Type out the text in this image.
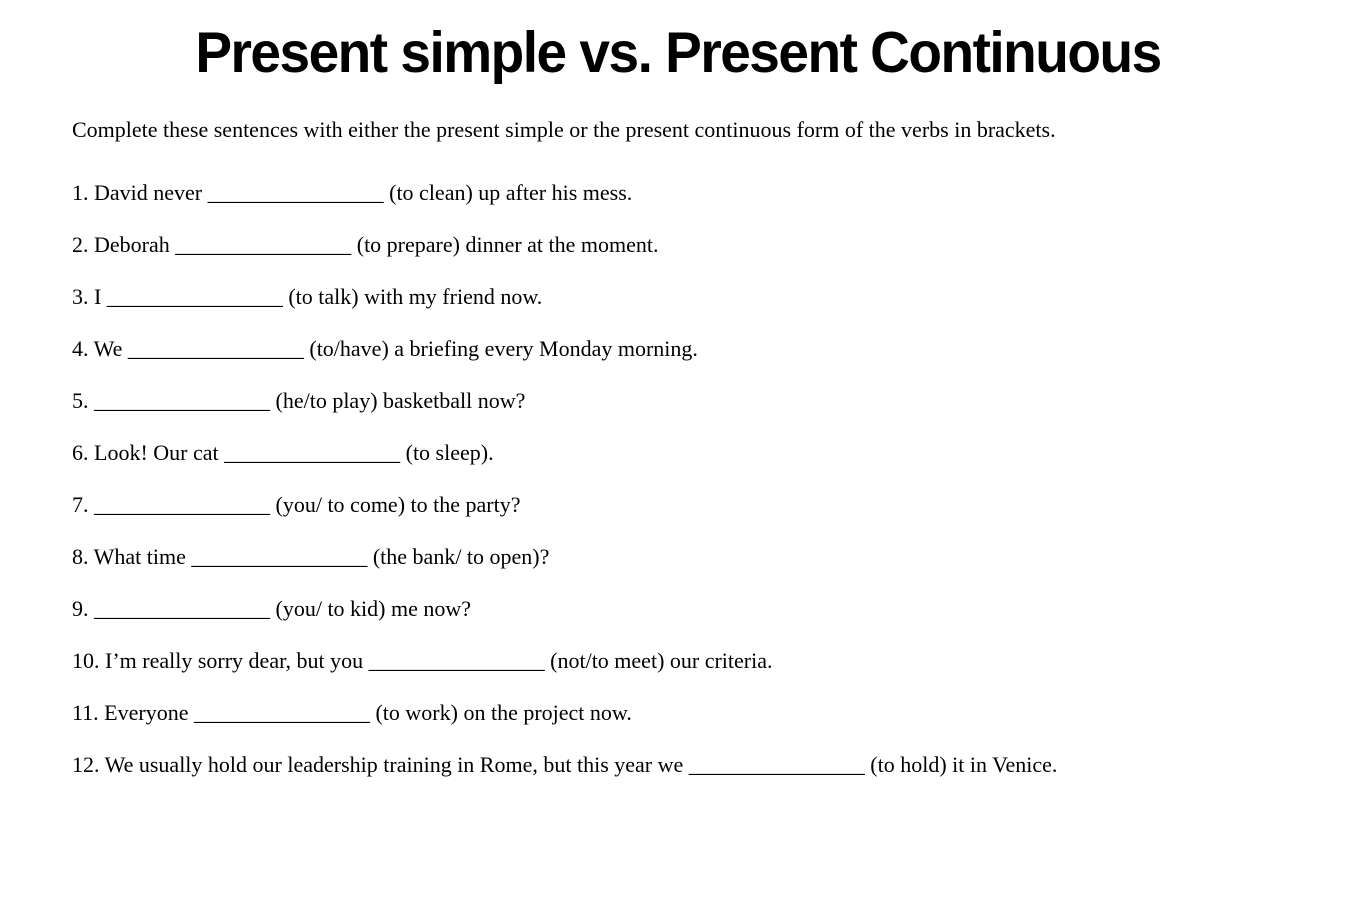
Present simple vs. Present Continuous

Complete these sentences with either the present simple or the present continuous form of the verbs in brackets.

1. David never ________________ (to clean) up after his mess.

2. Deborah ________________ (to prepare) dinner at the moment.

3. I ________________ (to talk) with my friend now.

4. We ________________ (to/have) a briefing every Monday morning.

5. ________________ (he/to play) basketball now?

6. Look! Our cat ________________ (to sleep).

7. ________________ (you/ to come) to the party?

8. What time ________________ (the bank/ to open)?

9. ________________ (you/ to kid) me now?

10. I’m really sorry dear, but you ________________ (not/to meet) our criteria.

11. Everyone ________________ (to work) on the project now.

12. We usually hold our leadership training in Rome, but this year we ________________ (to hold) it in Venice.
